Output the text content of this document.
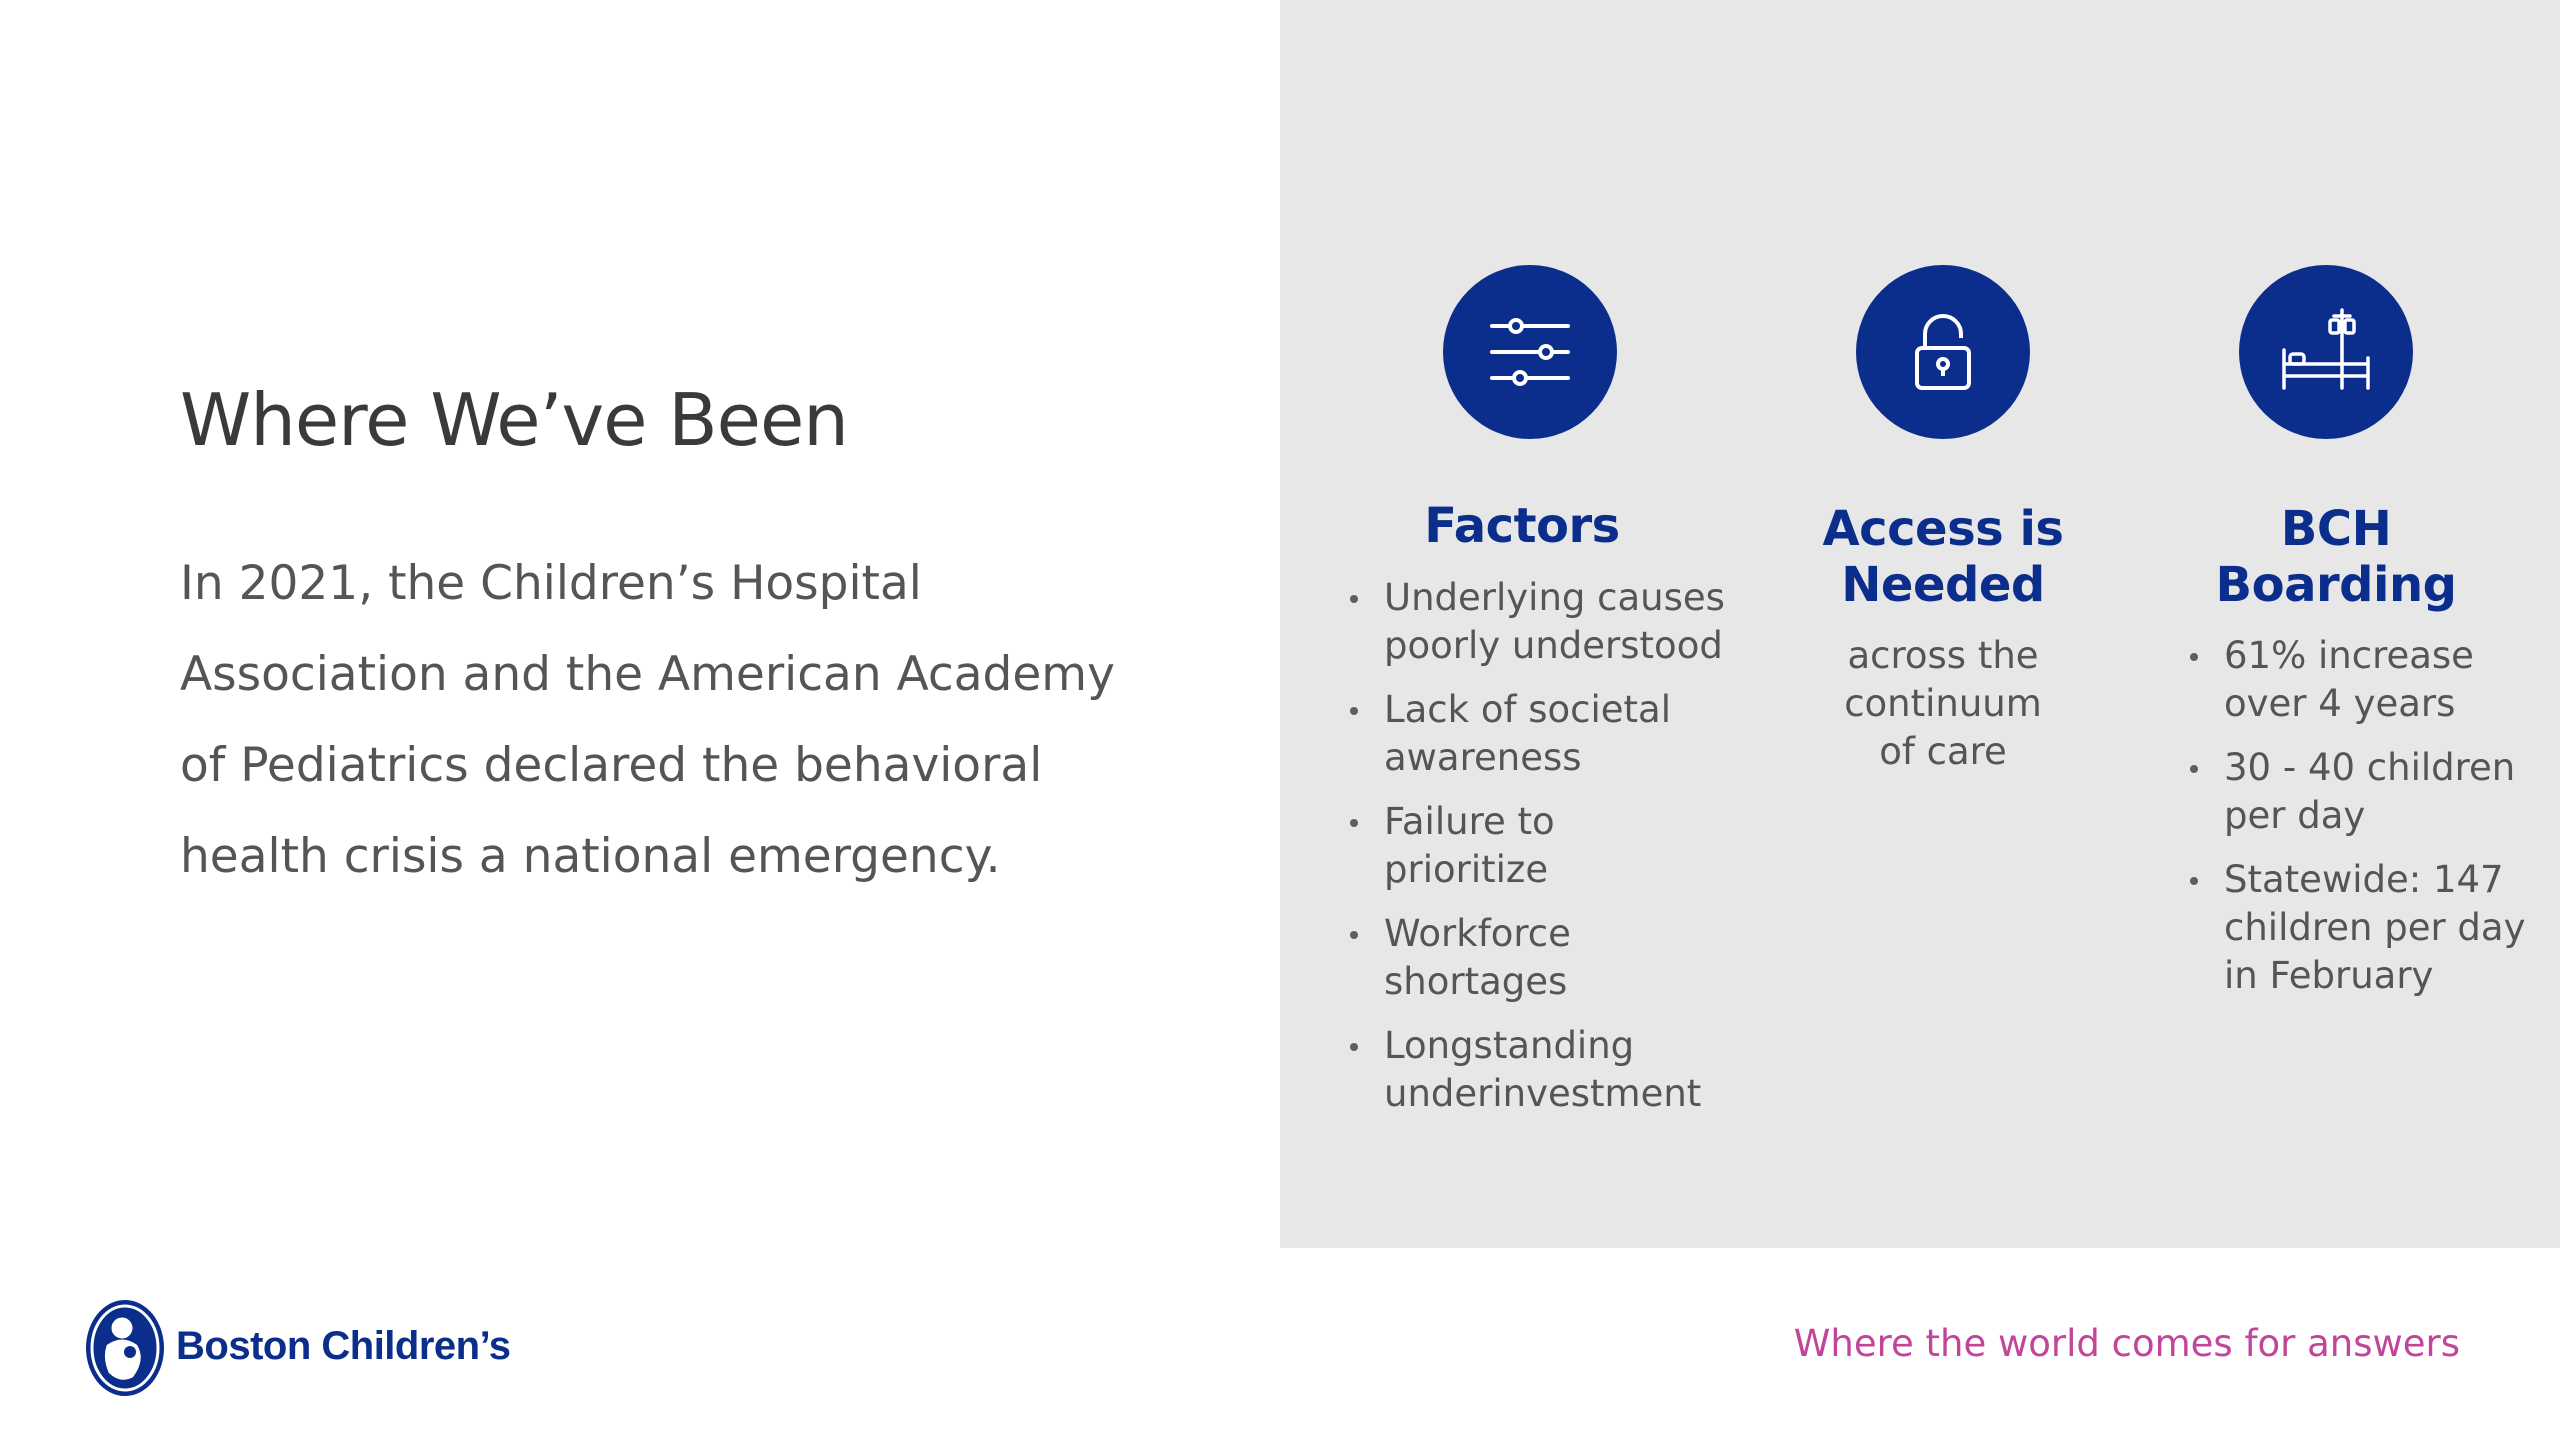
Where We’ve Been

In 2021, the Children’s Hospital Association and the American Academy of Pediatrics declared the behavioral health crisis a national emergency.

Factors
Underlying causes poorly understood
Lack of societal awareness
Failure to prioritize
Workforce shortages
Longstanding underinvestment
Access is
Needed

across the
continuum
of care

BCH
Boarding
61% increase over 4 years
30 - 40 children per day
Statewide: 147 children per day in February
Boston Children’s	Where the world comes for answers
